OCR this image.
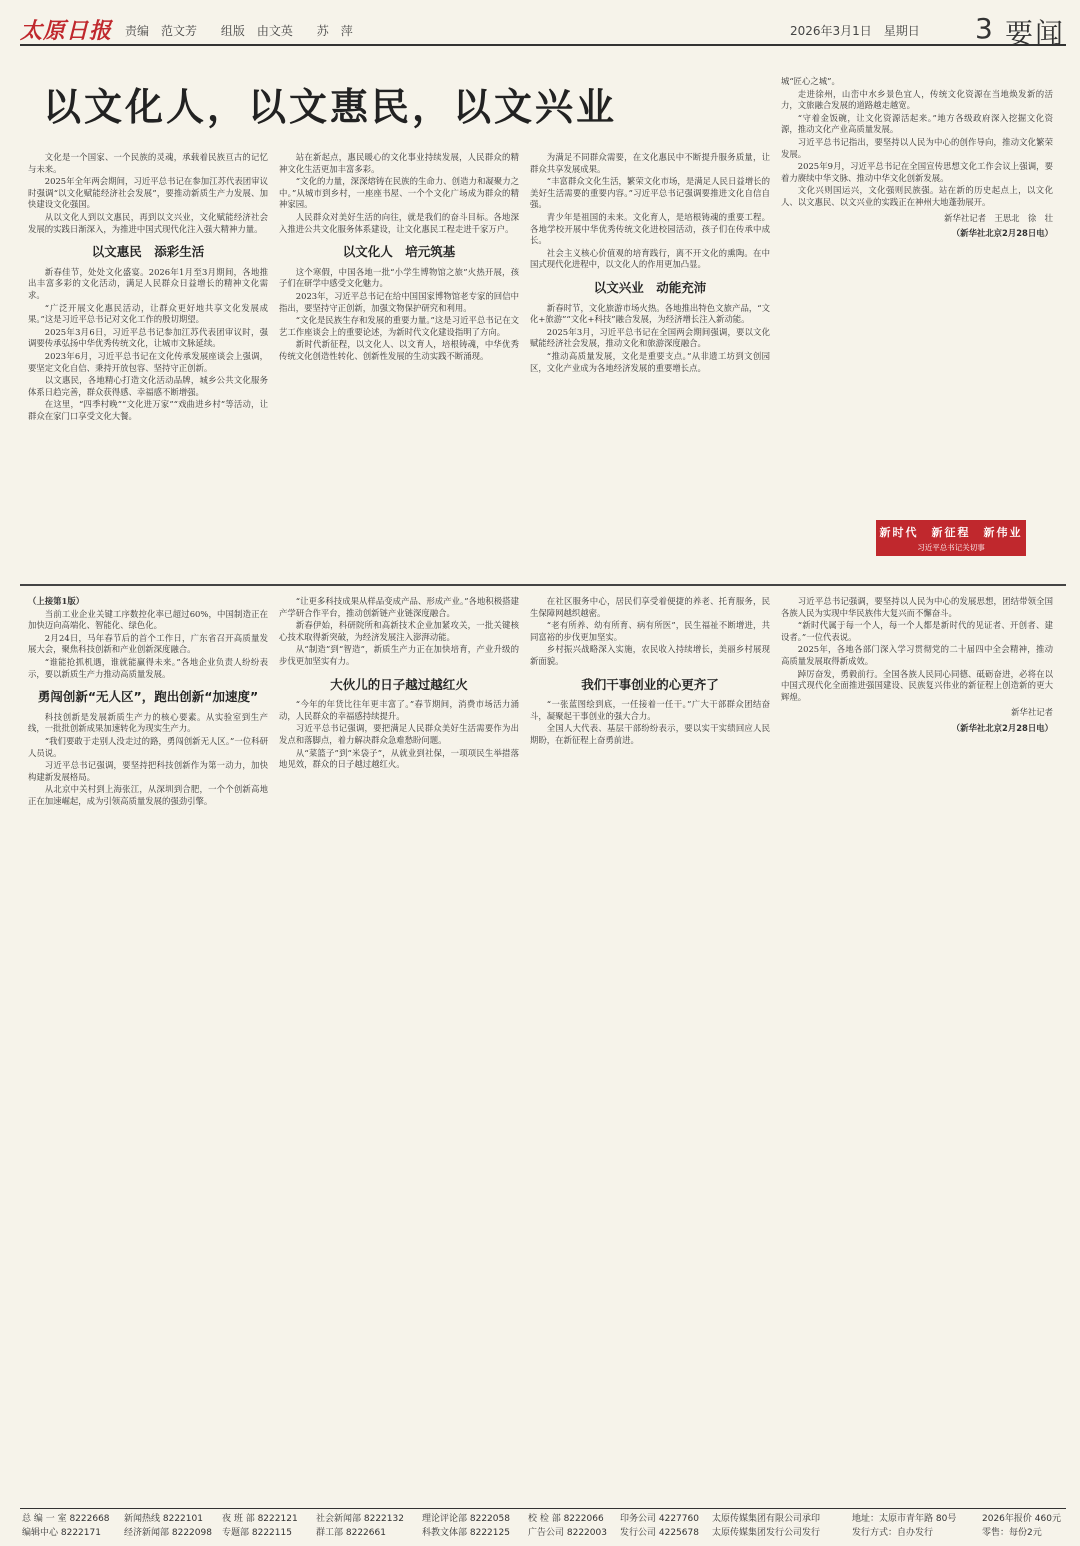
太原日报 责编　范文芳 组版　由文英 苏　萍	2026年3月1日　星期日 3 要闻
以文化人，以文惠民，以文兴业

文化是一个国家、一个民族的灵魂，承载着民族亘古的记忆与未来。

2025年全年两会期间，习近平总书记在参加江苏代表团审议时强调“以文化赋能经济社会发展”，要推动新质生产力发展、加快建设文化强国。

从以文化人到以文惠民，再到以文兴业，文化赋能经济社会发展的实践日渐深入，为推进中国式现代化注入强大精神力量。

以文惠民　添彩生活

新春佳节，处处文化盛宴。2026年1月至3月期间，各地推出丰富多彩的文化活动，满足人民群众日益增长的精神文化需求。

“广泛开展文化惠民活动，让群众更好地共享文化发展成果。”这是习近平总书记对文化工作的殷切期望。

2025年3月6日，习近平总书记参加江苏代表团审议时，强调要传承弘扬中华优秀传统文化，让城市文脉延续。

2023年6月，习近平总书记在文化传承发展座谈会上强调，要坚定文化自信、秉持开放包容、坚持守正创新。

以文惠民，各地精心打造文化活动品牌，城乡公共文化服务体系日趋完善，群众获得感、幸福感不断增强。

在这里，“四季村晚”“文化进万家”“戏曲进乡村”等活动，让群众在家门口享受文化大餐。

站在新起点，惠民暖心的文化事业持续发展，人民群众的精神文化生活更加丰富多彩。

“文化的力量，深深熔铸在民族的生命力、创造力和凝聚力之中。”从城市到乡村，一座座书屋、一个个文化广场成为群众的精神家园。

人民群众对美好生活的向往，就是我们的奋斗目标。各地深入推进公共文化服务体系建设，让文化惠民工程走进千家万户。

以文化人　培元筑基

这个寒假，中国各地一批“小学生博物馆之旅”火热开展，孩子们在研学中感受文化魅力。

2023年，习近平总书记在给中国国家博物馆老专家的回信中指出，要坚持守正创新，加强文物保护研究和利用。

“文化是民族生存和发展的重要力量。”这是习近平总书记在文艺工作座谈会上的重要论述，为新时代文化建设指明了方向。

新时代新征程，以文化人、以文育人，培根铸魂，中华优秀传统文化创造性转化、创新性发展的生动实践不断涌现。

为满足不同群众需要，在文化惠民中不断提升服务质量，让群众共享发展成果。

“丰富群众文化生活，繁荣文化市场，是满足人民日益增长的美好生活需要的重要内容。”习近平总书记强调要推进文化自信自强。

青少年是祖国的未来。文化育人，是培根铸魂的重要工程。各地学校开展中华优秀传统文化进校园活动，孩子们在传承中成长。

社会主义核心价值观的培育践行，离不开文化的熏陶。在中国式现代化进程中，以文化人的作用更加凸显。

以文兴业　动能充沛

新春时节，文化旅游市场火热。各地推出特色文旅产品，“文化+旅游”“文化+科技”融合发展，为经济增长注入新动能。

2025年3月，习近平总书记在全国两会期间强调，要以文化赋能经济社会发展，推动文化和旅游深度融合。

“推动高质量发展，文化是重要支点。”从非遗工坊到文创园区，文化产业成为各地经济发展的重要增长点。

城“匠心之城”。

走进徐州，山峦中水乡景色宜人，传统文化资源在当地焕发新的活力，文旅融合发展的道路越走越宽。

“守着金饭碗，让文化资源活起来。”地方各级政府深入挖掘文化资源，推动文化产业高质量发展。

习近平总书记指出，要坚持以人民为中心的创作导向，推动文化繁荣发展。

2025年9月，习近平总书记在全国宣传思想文化工作会议上强调，要着力赓续中华文脉、推动中华文化创新发展。

文化兴则国运兴，文化强则民族强。站在新的历史起点上，以文化人、以文惠民、以文兴业的实践正在神州大地蓬勃展开。

新华社记者　王思北　徐　壮
（新华社北京2月28日电）
新时代　新征程　新伟业
习近平总书记关切事

（上接第1版）

当前工业企业关键工序数控化率已超过60%，中国制造正在加快迈向高端化、智能化、绿色化。

2月24日，马年春节后的首个工作日，广东省召开高质量发展大会，聚焦科技创新和产业创新深度融合。

“谁能抢抓机遇，谁就能赢得未来。”各地企业负责人纷纷表示，要以新质生产力推动高质量发展。

勇闯创新“无人区”，跑出创新“加速度”

科技创新是发展新质生产力的核心要素。从实验室到生产线，一批批创新成果加速转化为现实生产力。

“我们要敢于走别人没走过的路，勇闯创新无人区。”一位科研人员说。

习近平总书记强调，要坚持把科技创新作为第一动力，加快构建新发展格局。

从北京中关村到上海张江，从深圳到合肥，一个个创新高地正在加速崛起，成为引领高质量发展的强劲引擎。

“让更多科技成果从样品变成产品、形成产业。”各地积极搭建产学研合作平台，推动创新链产业链深度融合。

新春伊始，科研院所和高新技术企业加紧攻关，一批关键核心技术取得新突破，为经济发展注入澎湃动能。

从“制造”到“智造”，新质生产力正在加快培育，产业升级的步伐更加坚实有力。

大伙儿的日子越过越红火

“今年的年货比往年更丰富了。”春节期间，消费市场活力涌动，人民群众的幸福感持续提升。

习近平总书记强调，要把满足人民群众美好生活需要作为出发点和落脚点，着力解决群众急难愁盼问题。

从“菜篮子”到“米袋子”，从就业到社保，一项项民生举措落地见效，群众的日子越过越红火。

在社区服务中心，居民们享受着便捷的养老、托育服务，民生保障网越织越密。

“老有所养、幼有所育、病有所医”，民生福祉不断增进，共同富裕的步伐更加坚实。

乡村振兴战略深入实施，农民收入持续增长，美丽乡村展现新面貌。

我们干事创业的心更齐了

“一张蓝图绘到底，一任接着一任干。”广大干部群众团结奋斗，凝聚起干事创业的强大合力。

全国人大代表、基层干部纷纷表示，要以实干实绩回应人民期盼，在新征程上奋勇前进。

习近平总书记强调，要坚持以人民为中心的发展思想，团结带领全国各族人民为实现中华民族伟大复兴而不懈奋斗。

“新时代属于每一个人，每一个人都是新时代的见证者、开创者、建设者。”一位代表说。

2025年，各地各部门深入学习贯彻党的二十届四中全会精神，推动高质量发展取得新成效。

踔厉奋发，勇毅前行。全国各族人民同心同德、砥砺奋进，必将在以中国式现代化全面推进强国建设、民族复兴伟业的新征程上创造新的更大辉煌。

新华社记者
（新华社北京2月28日电）
总 编 一 室 8222668
编辑中心 8222171
新闻热线 8222101
经济新闻部 8222098
夜 班 部 8222121
专题部 8222115
社会新闻部 8222132
群工部 8222661
理论评论部 8222058
科教文体部 8222125
校 检 部 8222066
广告公司 8222003
印务公司 4227760
发行公司 4225678
太原传媒集团有限公司承印
太原传媒集团发行公司发行
地址：太原市青年路 80号
发行方式：自办发行
2026年报价 460元
零售：每份2元
